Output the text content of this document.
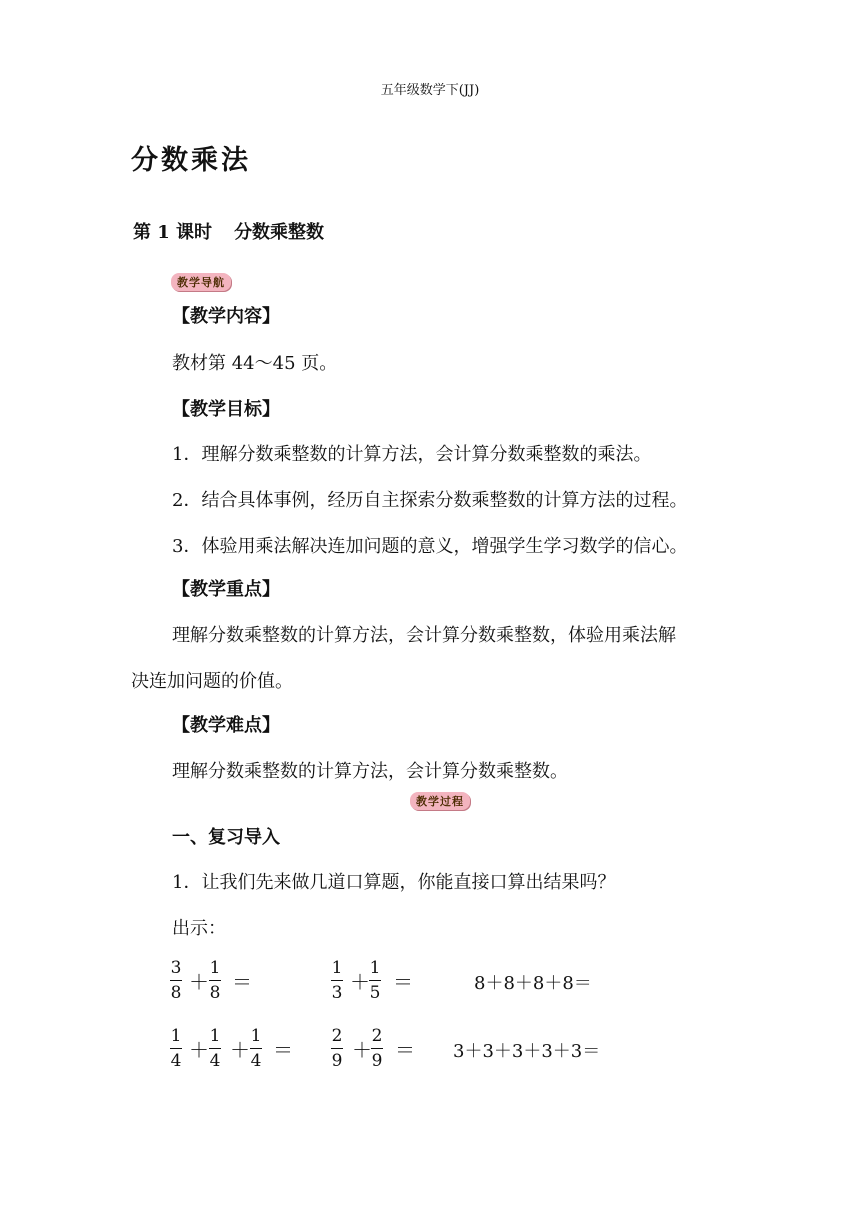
五年级数学下(JJ)
分数乘法
第 1 课时 分数乘整数
教学导航
【教学内容】
教材第 44～45 页。
【教学目标】
1．理解分数乘整数的计算方法，会计算分数乘整数的乘法。
2．结合具体事例，经历自主探索分数乘整数的计算方法的过程。
3．体验用乘法解决连加问题的意义，增强学生学习数学的信心。
【教学重点】
理解分数乘整数的计算方法，会计算分数乘整数，体验用乘法解
决连加问题的价值。
【教学难点】
理解分数乘整数的计算方法，会计算分数乘整数。
教学过程
一、复习导入
1．让我们先来做几道口算题，你能直接口算出结果吗？
出示：
3
8 ＋
1
8 ＝
1
3 ＋
1
5 ＝	8＋8＋8＋8＝
1
4 ＋
1
4 ＋
1
4 ＝
2
9 ＋
2
9 ＝ 3＋3＋3＋3＋3＝
